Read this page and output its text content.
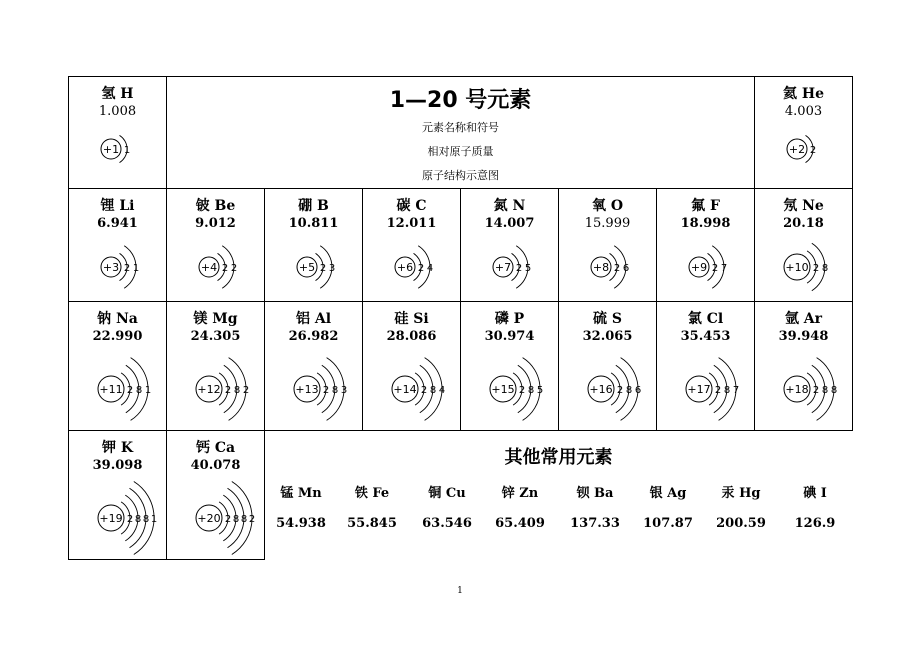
氢 H
1.008
+1 1
1—20 号元素
元素名称和符号
相对原子质量
原子结构示意图
氦 He
4.003
+2 2
锂 Li
6.941
+3 2 1
铍 Be
9.012
+4 2 2
硼 B
10.811
+5 2 3
碳 C
12.011
+6 2 4
氮 N
14.007
+7 2 5
氧 O
15.999
+8 2 6
氟 F
18.998
+9 2 7
氖 Ne
20.18
+10 2 8
钠 Na
22.990
+11 2 8 1
镁 Mg
24.305
+12 2 8 2
铝 Al
26.982
+13 2 8 3
硅 Si
28.086
+14 2 8 4
磷 P
30.974
+15 2 8 5
硫 S
32.065
+16 2 8 6
氯 Cl
35.453
+17 2 8 7
氩 Ar
39.948
+18 2 8 8
钾 K
39.098
+19 2 8 8 1
钙 Ca
40.078
+20 2 8 8 2
其他常用元素
锰 Mn
54.938
铁 Fe
55.845
铜 Cu
63.546
锌 Zn
65.409
钡 Ba
137.33
银 Ag
107.87
汞 Hg
200.59
碘 I
126.9
1
